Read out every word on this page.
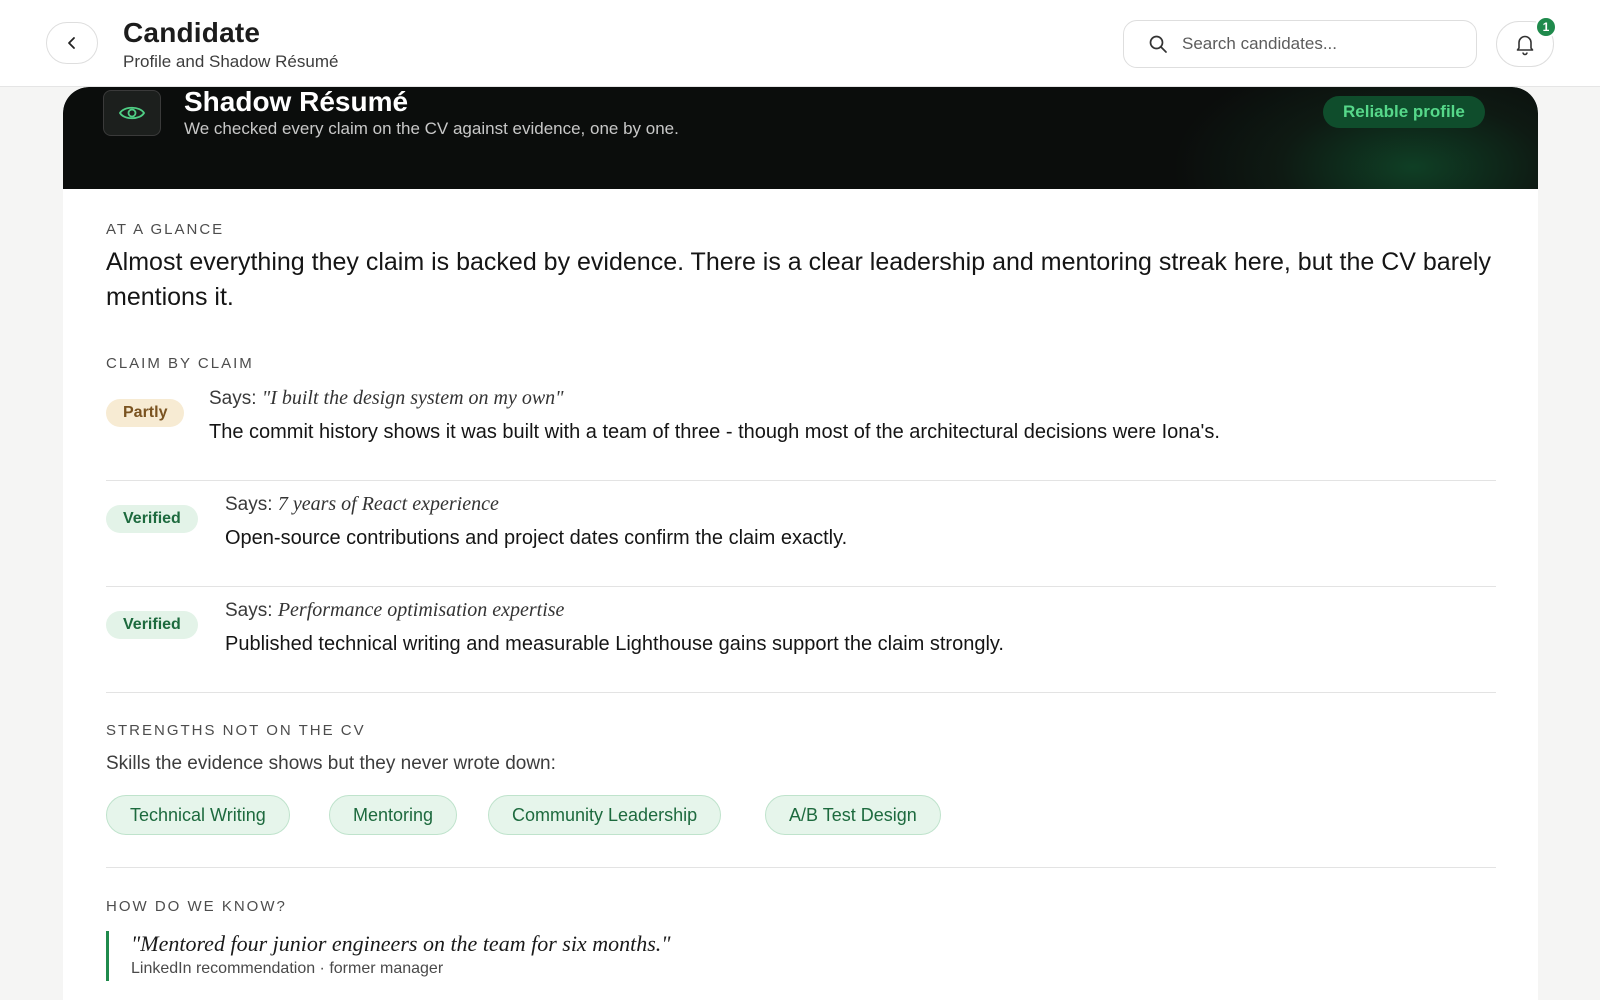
Candidate
Profile and Shadow Résumé
Search candidates...
1
Shadow Résumé
We checked every claim on the CV against evidence, one by one.
Reliable profile
AT A GLANCE
Almost everything they claim is backed by evidence. There is a clear leadership and mentoring streak here, but the CV barely mentions it.
CLAIM BY CLAIM
Partly
Says: "I built the design system on my own"
The commit history shows it was built with a team of three - though most of the architectural decisions were Iona's.
Verified
Says: 7 years of React experience
Open-source contributions and project dates confirm the claim exactly.
Verified
Says: Performance optimisation expertise
Published technical writing and measurable Lighthouse gains support the claim strongly.
STRENGTHS NOT ON THE CV
Skills the evidence shows but they never wrote down:
Technical Writing	Mentoring	Community Leadership	A/B Test Design
HOW DO WE KNOW?
"Mentored four junior engineers on the team for six months."
LinkedIn recommendation · former manager
